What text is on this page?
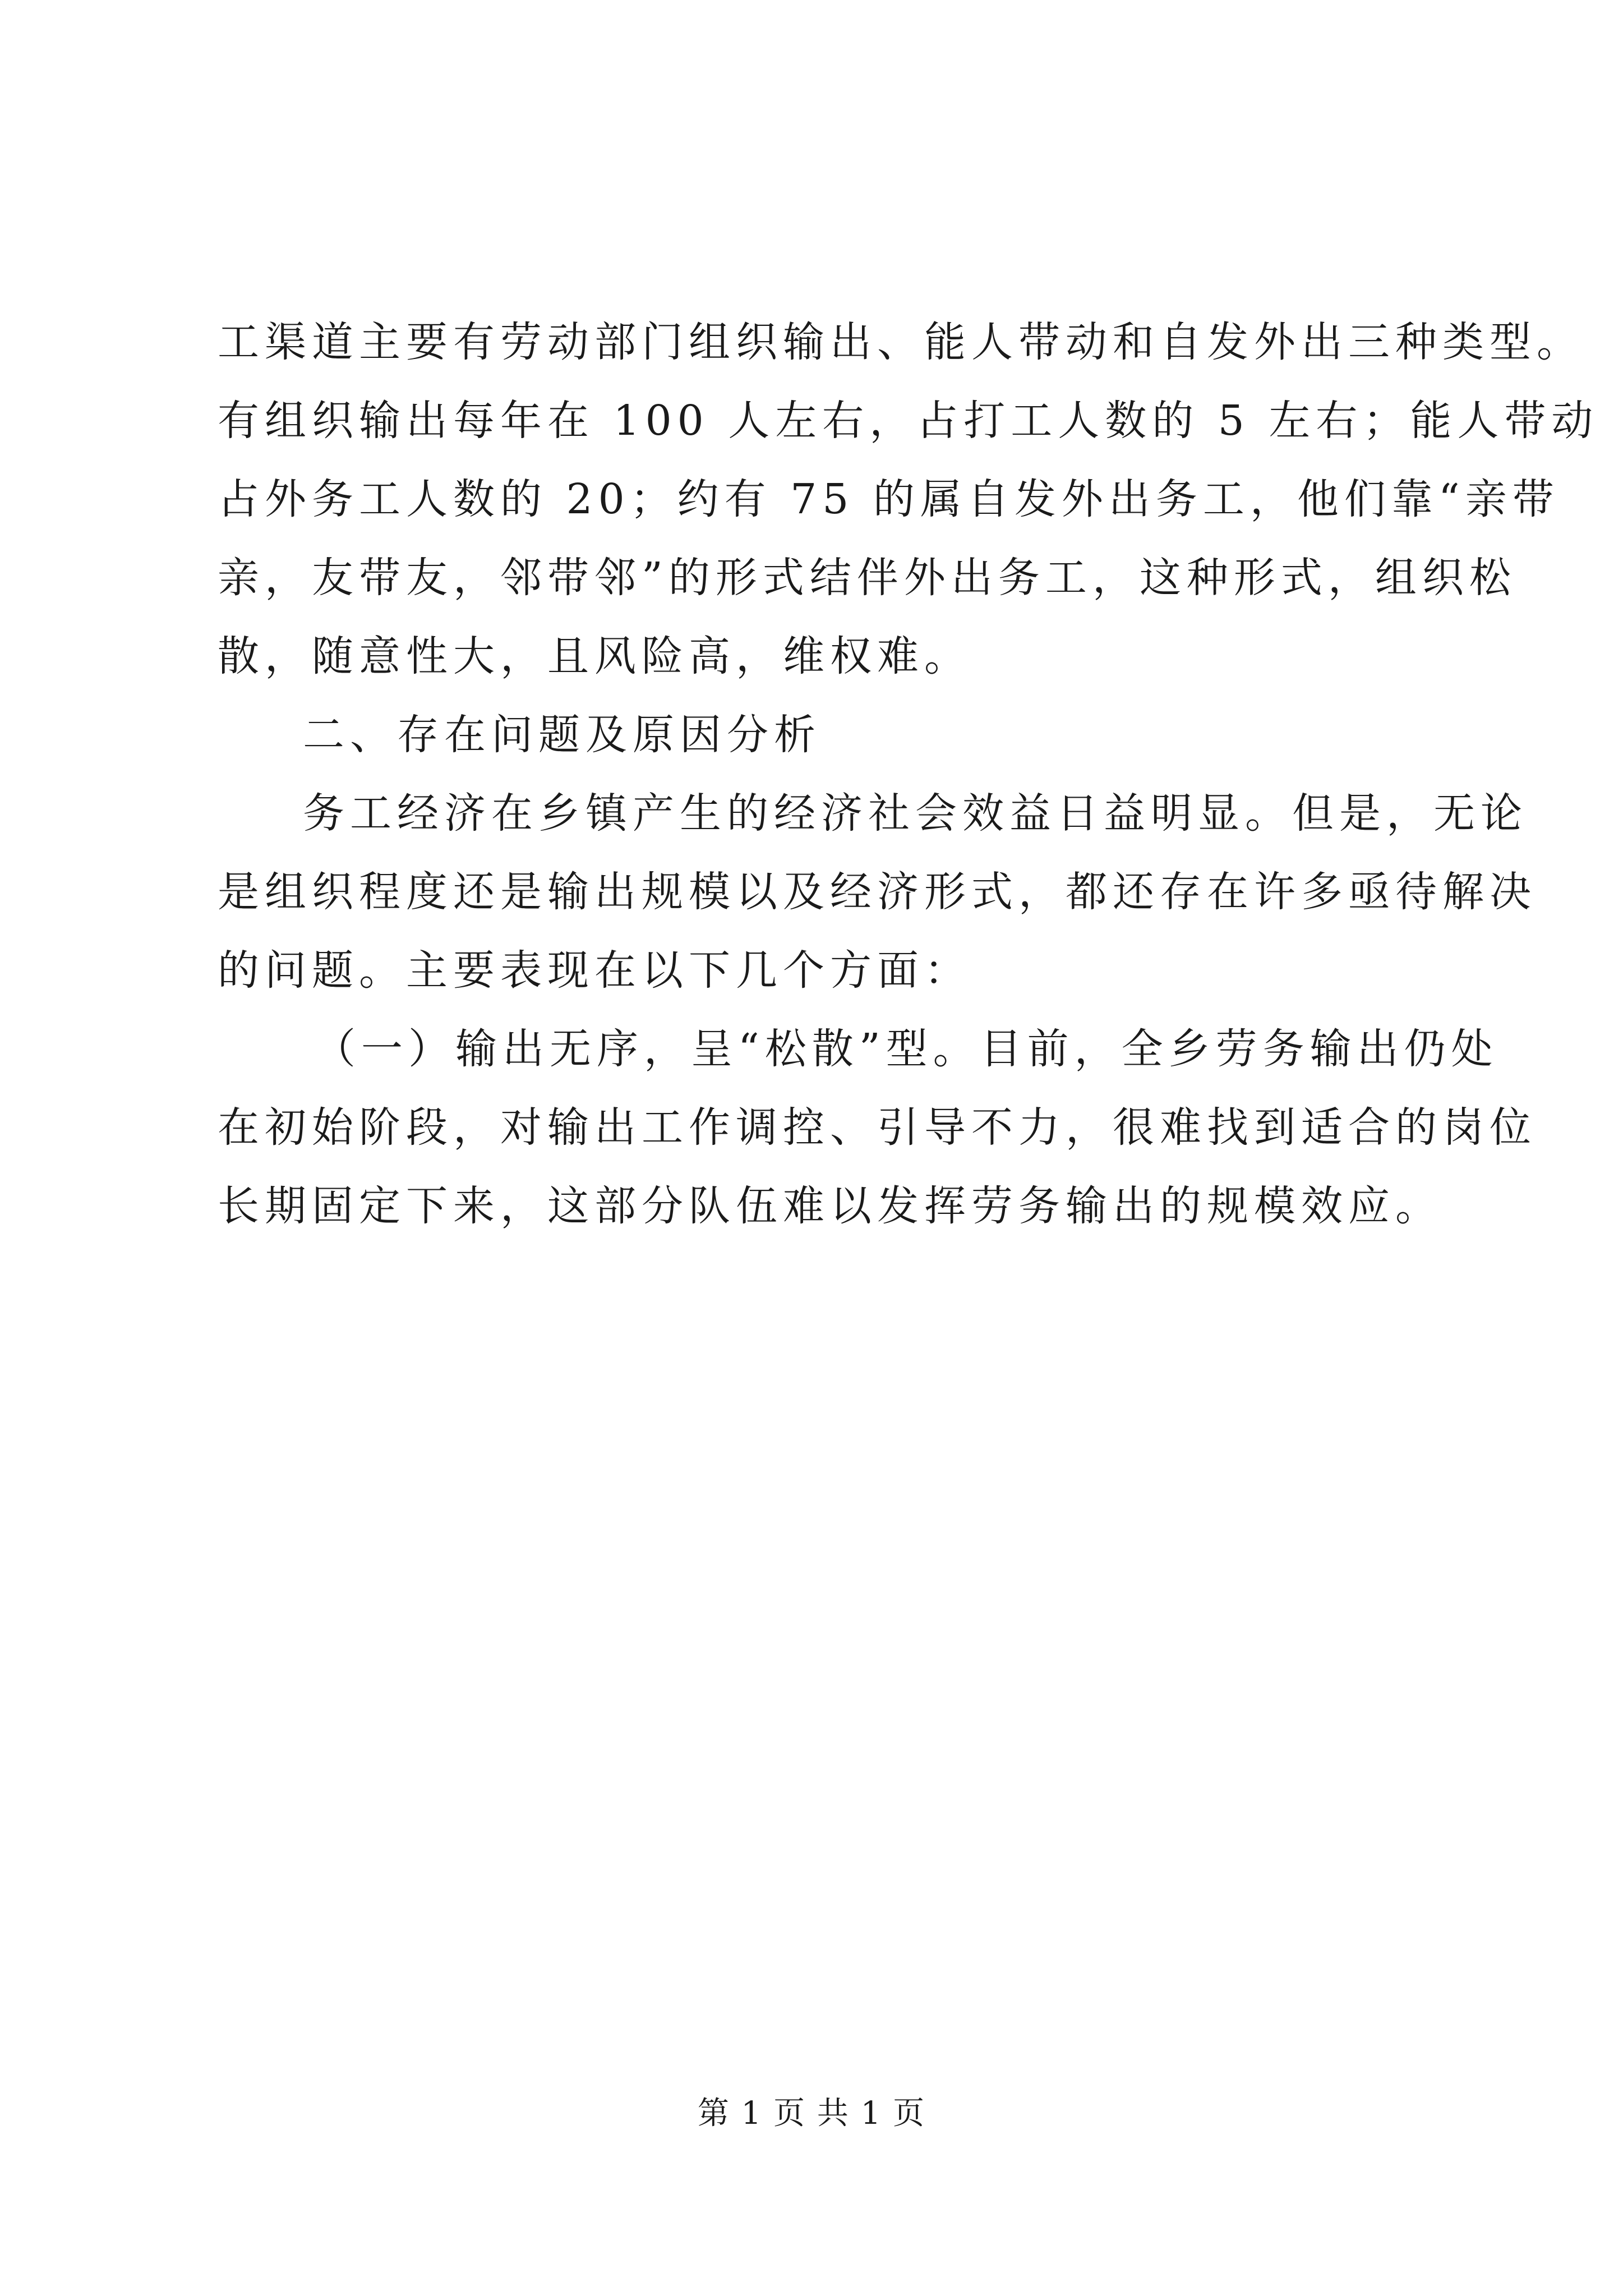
工渠道主要有劳动部门组织输出、能人带动和自发外出三种类型。
有组织输出每年在 100 人左右，占打工人数的 5 左右；能人带动
占外务工人数的 20；约有 75 的属自发外出务工，他们靠“亲带
亲，友带友，邻带邻”的形式结伴外出务工，这种形式，组织松
散，随意性大，且风险高，维权难。
二、存在问题及原因分析
务工经济在乡镇产生的经济社会效益日益明显。但是，无论
是组织程度还是输出规模以及经济形式，都还存在许多亟待解决
的问题。主要表现在以下几个方面：
（一）输出无序，呈“松散”型。目前，全乡劳务输出仍处
在初始阶段，对输出工作调控、引导不力，很难找到适合的岗位
长期固定下来，这部分队伍难以发挥劳务输出的规模效应。
第 1 页 共 1 页
